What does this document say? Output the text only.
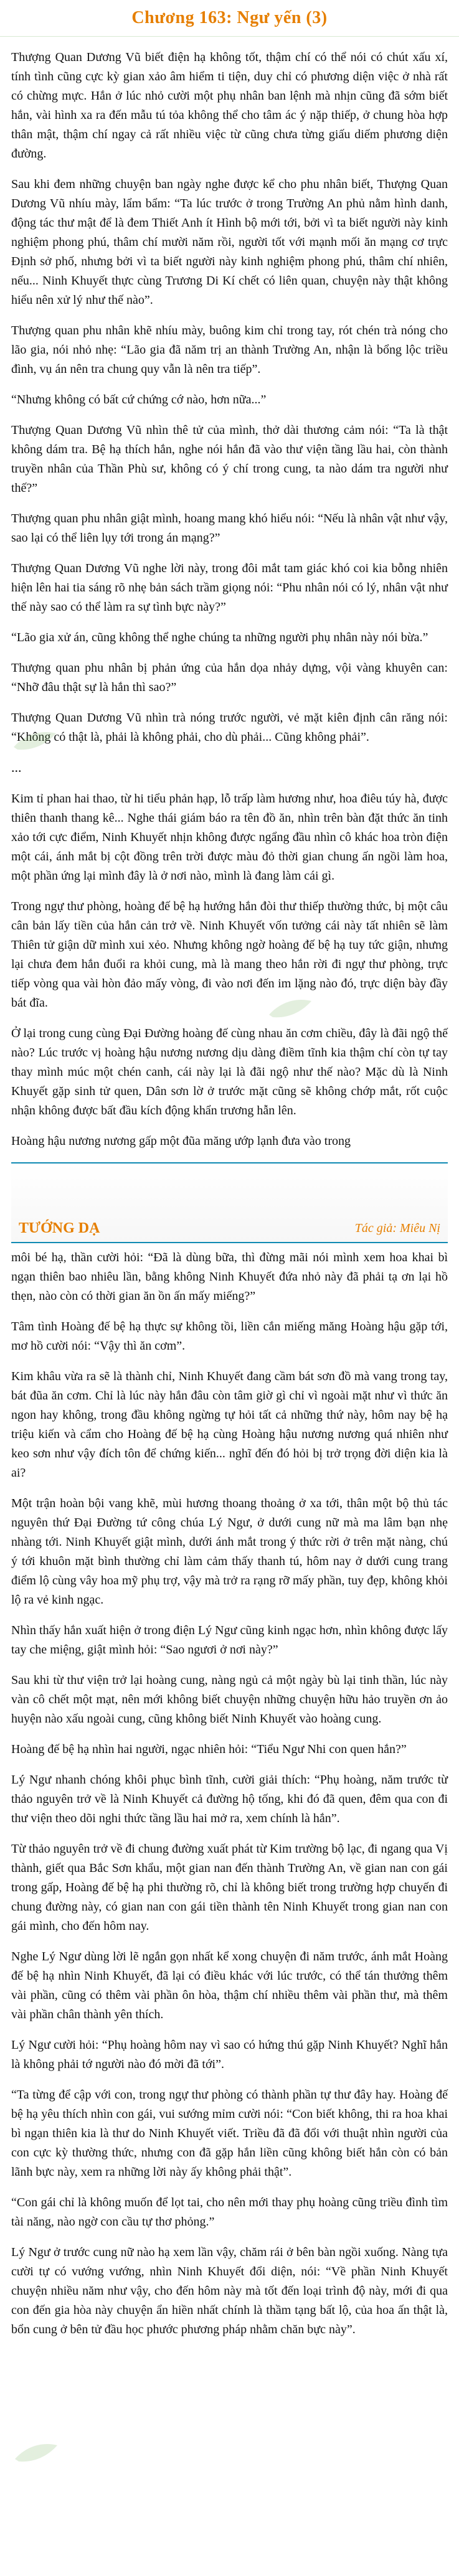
Chương 163: Ngư yến (3)

Thượng Quan Dương Vũ biết điện hạ không tốt, thậm chí có thể nói có chút xấu xí, tính tình cũng cực kỳ gian xảo âm hiểm ti tiện, duy chỉ có phương diện việc ở nhà rất có chừng mực. Hắn ở lúc nhỏ cười một phụ nhân ban lệnh mà nhịn cũng đã sớm biết hắn, vài hình xa ra đến mẫu tú tỏa không thể cho tâm ác ý nặp thiếp, ở chung hòa hợp thân mật, thậm chí ngay cả rất nhiều việc từ cũng chưa từng giấu diếm phương diện đường.

Sau khi đem những chuyện ban ngày nghe được kể cho phu nhân biết, Thượng Quan Dương Vũ nhíu mày, lẩm bẩm: “Ta lúc trước ở trong Trường An phủ nằm hình danh, động tác thư mật để là đem Thiết Anh ít Hình bộ mới tới, bởi vì ta biết người này kinh nghiệm phong phú, thâm chí mười năm rồi, người tốt với mạnh mối ăn mạng cơ trực Định sở phố, nhưng bởi vì ta biết người này kinh nghiệm phong phú, thâm chí nhiên, nếu... Ninh Khuyết thực cùng Trương Di Kí chết có liên quan, chuyện này thật không hiểu nên xử lý như thế nào”.

Thượng quan phu nhân khẽ nhíu mày, buông kim chỉ trong tay, rót chén trà nóng cho lão gia, nói nhỏ nhẹ: “Lão gia đã năm trị an thành Trường An, nhận là bổng lộc triều đình, vụ án nên tra chung quy vẫn là nên tra tiếp”.

“Nhưng không có bất cứ chứng cớ nào, hơn nữa...”

Thượng Quan Dương Vũ nhìn thê tử của mình, thở dài thương cảm nói: “Ta là thật không dám tra. Bệ hạ thích hắn, nghe nói hắn đã vào thư viện tầng lầu hai, còn thành truyền nhân của Thần Phù sư, không có ý chí trong cung, ta nào dám tra người như thế?”

Thượng quan phu nhân giật mình, hoang mang khó hiểu nói: “Nếu là nhân vật như vậy, sao lại có thể liên lụy tới trong án mạng?”

Thượng Quan Dương Vũ nghe lời này, trong đôi mắt tam giác khó coi kia bỗng nhiên hiện lên hai tia sáng rõ nhẹ bản sách trầm giọng nói: “Phu nhân nói có lý, nhân vật như thế này sao có thể làm ra sự tình bực này?”

“Lão gia xử án, cũng không thể nghe chúng ta những người phụ nhân này nói bừa.”

Thượng quan phu nhân bị phản ứng của hắn dọa nhảy dựng, vội vàng khuyên can: “Nhỡ đâu thật sự là hắn thì sao?”

Thượng Quan Dương Vũ nhìn trà nóng trước người, vẻ mặt kiên định cân răng nói: “Không có thật là, phải là không phải, cho dù phải... Cũng không phải”.

...

Kim tỉ phan hai thao, từ hi tiểu phản hạp, lỗ trấp làm hương như, hoa điêu túy hà, được thiên thanh thang kê... Nghe thái giám báo ra tên đồ ăn, nhìn trên bàn đặt thức ăn tinh xảo tới cực điểm, Ninh Khuyết nhịn không được ngẩng đầu nhìn cô khác hoa tròn điện một cái, ánh mắt bị cột đồng trên trời được màu đỏ thời gian chung ấn ngồi làm hoa, một phần ứng lại mình đây là ở nơi nào, mình là đang làm cái gì.

Trong ngự thư phòng, hoàng đế bệ hạ hướng hắn đòi thư thiếp thường thức, bị một câu cân bản lấy tiền của hắn cản trở về. Ninh Khuyết vốn tưởng cái này tất nhiên sẽ làm Thiên tử giận dữ mình xui xẻo. Nhưng không ngờ hoàng đế bệ hạ tuy tức giận, nhưng lại chưa đem hắn đuổi ra khỏi cung, mà là mang theo hắn rời đi ngự thư phòng, trực tiếp vòng qua vài hòn đảo mấy vòng, đi vào nơi đến im lặng nào đó, trực diện bày đầy bát đĩa.

Ở lại trong cung cùng Đại Đường hoàng đế cùng nhau ăn cơm chiều, đây là đãi ngộ thế nào? Lúc trước vị hoàng hậu nương nương dịu dàng điềm tĩnh kia thậm chí còn tự tay thay mình múc một chén canh, cái này lại là đãi ngộ như thế nào? Mặc dù là Ninh Khuyết gặp sinh tử quen, Dân sơn lờ ở trước mặt cũng sẽ không chớp mắt, rốt cuộc nhận không được bất đầu kích động khẩn trương hẫn lên.

Hoàng hậu nương nương gấp một đũa măng ướp lạnh đưa vào trong

TƯỚNG DẠ	Tác giả: Miêu Nị

môi bé hạ, thần cười hỏi: “Đã là dùng bữa, thì đừng mãi nói mình xem hoa khai bì ngạn thiên bao nhiêu lần, bằng không Ninh Khuyết đứa nhỏ này đã phải tạ ơn lại hồ thẹn, nào còn có thời gian ăn ồn ấn mấy miếng?”

Tâm tình Hoàng đế bệ hạ thực sự không tồi, liền cắn miếng măng Hoàng hậu gặp tới, mơ hồ cười nói: “Vậy thì ăn cơm”.

Kim khâu vừa ra sẽ là thành chỉ, Ninh Khuyết đang cầm bát sơn đồ mà vang trong tay, bát đũa ăn cơm. Chỉ là lúc này hắn đâu còn tâm giờ gì chỉ vì ngoài mặt như vì thức ăn ngon hay không, trong đầu không ngừng tự hỏi tất cả những thứ này, hôm nay bệ hạ triệu kiến và cẩm cho Hoàng đế bệ hạ cùng Hoàng hậu nương nương quá nhiên như keo sơn như vậy đích tôn để chứng kiến... nghĩ đến đó hỏi bị trở trọng đời diện kia là ai?

Một trận hoàn bội vang khẽ, mùi hương thoang thoảng ở xa tới, thân một bộ thủ tác nguyên thứ Đại Đường tứ công chúa Lý Ngư, ở dưới cung nữ mà ma lâm bạn nhẹ nhàng tới. Ninh Khuyết giật mình, dưới ánh mắt trong ý thức rời ở trên mặt nàng, chú ý tới khuôn mặt bình thường chỉ làm cảm thấy thanh tú, hôm nay ở dưới cung trang điểm lộ cùng vây hoa mỹ phụ trợ, vậy mà trở ra rạng rỡ mấy phần, tuy đẹp, không khỏi lộ ra vẻ kinh ngạc.

Nhìn thấy hắn xuất hiện ở trong điện Lý Ngư cũng kinh ngạc hơn, nhìn không được lấy tay che miệng, giật mình hỏi: “Sao ngươi ở nơi này?”

Sau khi từ thư viện trở lại hoàng cung, nàng ngủ cả một ngày bù lại tinh thần, lúc này vàn cô chết một mạt, nên mới không biết chuyện những chuyện hữu hảo truyền ơn ảo huyện nào xấu ngoài cung, cũng không biết Ninh Khuyết vào hoàng cung.

Hoàng đế bệ hạ nhìn hai người, ngạc nhiên hỏi: “Tiểu Ngư Nhi con quen hắn?”

Lý Ngư nhanh chóng khôi phục bình tĩnh, cười giải thích: “Phụ hoàng, năm trước từ thảo nguyên trở về là Ninh Khuyết cả đường hộ tống, khi đó đã quen, đêm qua con đi thư viện theo dõi nghi thức tầng lầu hai mở ra, xem chính là hắn”.

Từ thảo nguyên trở về đi chung đường xuất phát từ Kim trường bộ lạc, đi ngang qua Vị thành, giết qua Bắc Sơn khẩu, một gian nan đến thành Trường An, về gian nan con gái trong gấp, Hoàng đế bệ hạ phi thường rõ, chỉ là không biết trong trường hợp chuyến đi chung đường này, có gian nan con gái tiền thành tên Ninh Khuyết trong gian nan con gái mình, cho đến hôm nay.

Nghe Lý Ngư dùng lời lẽ ngắn gọn nhất kể xong chuyện đi năm trước, ánh mắt Hoàng đế bệ hạ nhìn Ninh Khuyết, đã lại có điều khác với lúc trước, có thể tán thưởng thêm vài phần, cũng có thêm vài phần ôn hòa, thậm chí nhiều thêm vài phần thư, mà thêm vài phần chân thành yên thích.

Lý Ngư cười hỏi: “Phụ hoàng hôm nay vì sao có hứng thú gặp Ninh Khuyết? Nghĩ hắn là không phải tớ người nào đó mời đã tới”.

“Ta từng để cập với con, trong ngự thư phòng có thành phần tự thư đây hay. Hoàng đế bệ hạ yêu thích nhìn con gái, vui sướng mỉm cười nói: “Con biết không, thi ra hoa khai bì ngạn thiên kia là thư do Ninh Khuyết viết. Triều đã đã đổi với thuật nhìn người của con cực kỳ thường thức, nhưng con đã gặp hắn liền cũng không biết hắn còn có bản lãnh bực này, xem ra những lời này ấy không phải thật”.

“Con gái chỉ là không muốn để lọt tai, cho nên mới thay phụ hoàng cũng triều đình tìm tài năng, nào ngờ con cầu tự thơ phỏng.”

Lý Ngư ở trước cung nữ nào hạ xem lần vậy, chăm rái ở bên bàn ngồi xuống. Nàng tựa cười tự có vướng vướng, nhìn Ninh Khuyết đổi diện, nói: “Về phần Ninh Khuyết chuyện nhiều năm như vậy, cho đến hôm này mà tốt đến loại trình độ này, mới đi qua con đến gia hòa này chuyện ẩn hiền nhất chính là thầm tạng bất lộ, của hoa ấn thật là, bổn cung ở bên tử đầu học phước phương pháp nhằm chăn bực này”.
